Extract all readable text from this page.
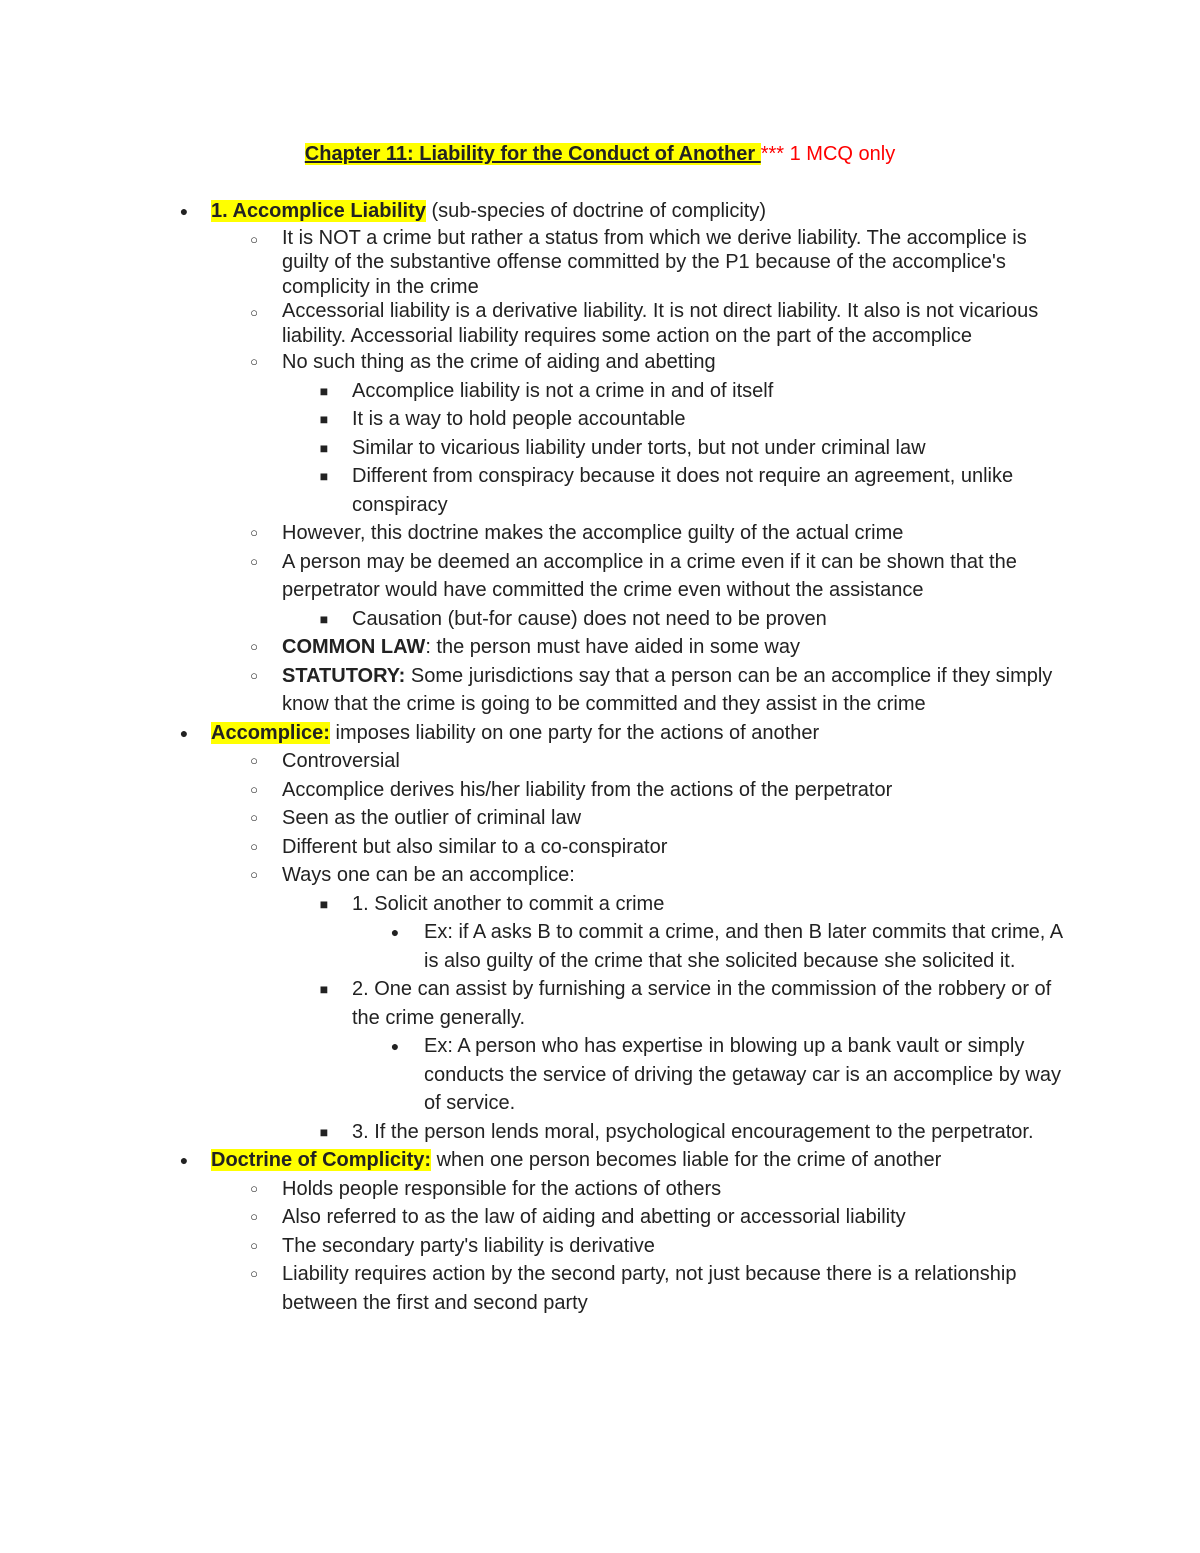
Chapter 11: Liability for the Conduct of Another *** 1 MCQ only
● 1. Accomplice Liability (sub-species of doctrine of complicity)
○	It is NOT a crime but rather a status from which we derive liability. The accomplice is guilty of the substantive offense committed by the P1 because of the accomplice's complicity in the crime
○	Accessorial liability is a derivative liability. It is not direct liability. It also is not vicarious liability. Accessorial liability requires some action on the part of the accomplice
○	No such thing as the crime of aiding and abetting
■ Accomplice liability is not a crime in and of itself
■ It is a way to hold people accountable
■ Similar to vicarious liability under torts, but not under criminal law
■ Different from conspiracy because it does not require an agreement, unlike conspiracy
○	However, this doctrine makes the accomplice guilty of the actual crime
○	A person may be deemed an accomplice in a crime even if it can be shown that the perpetrator would have committed the crime even without the assistance
■ Causation (but-for cause) does not need to be proven
○	COMMON LAW: the person must have aided in some way
○	STATUTORY: Some jurisdictions say that a person can be an accomplice if they simply know that the crime is going to be committed and they assist in the crime
● Accomplice: imposes liability on one party for the actions of another
○	Controversial
○	Accomplice derives his/her liability from the actions of the perpetrator
○	Seen as the outlier of criminal law
○	Different but also similar to a co-conspirator
○	Ways one can be an accomplice:
■ 1. Solicit another to commit a crime
● Ex: if A asks B to commit a crime, and then B later commits that crime, A is also guilty of the crime that she solicited because she solicited it.
■ 2. One can assist by furnishing a service in the commission of the robbery or of the crime generally.
● Ex: A person who has expertise in blowing up a bank vault or simply conducts the service of driving the getaway car is an accomplice by way of service.
■ 3. If the person lends moral, psychological encouragement to the perpetrator.
● Doctrine of Complicity: when one person becomes liable for the crime of another
○	Holds people responsible for the actions of others
○	Also referred to as the law of aiding and abetting or accessorial liability
○	The secondary party's liability is derivative
○	Liability requires action by the second party, not just because there is a relationship between the first and second party
